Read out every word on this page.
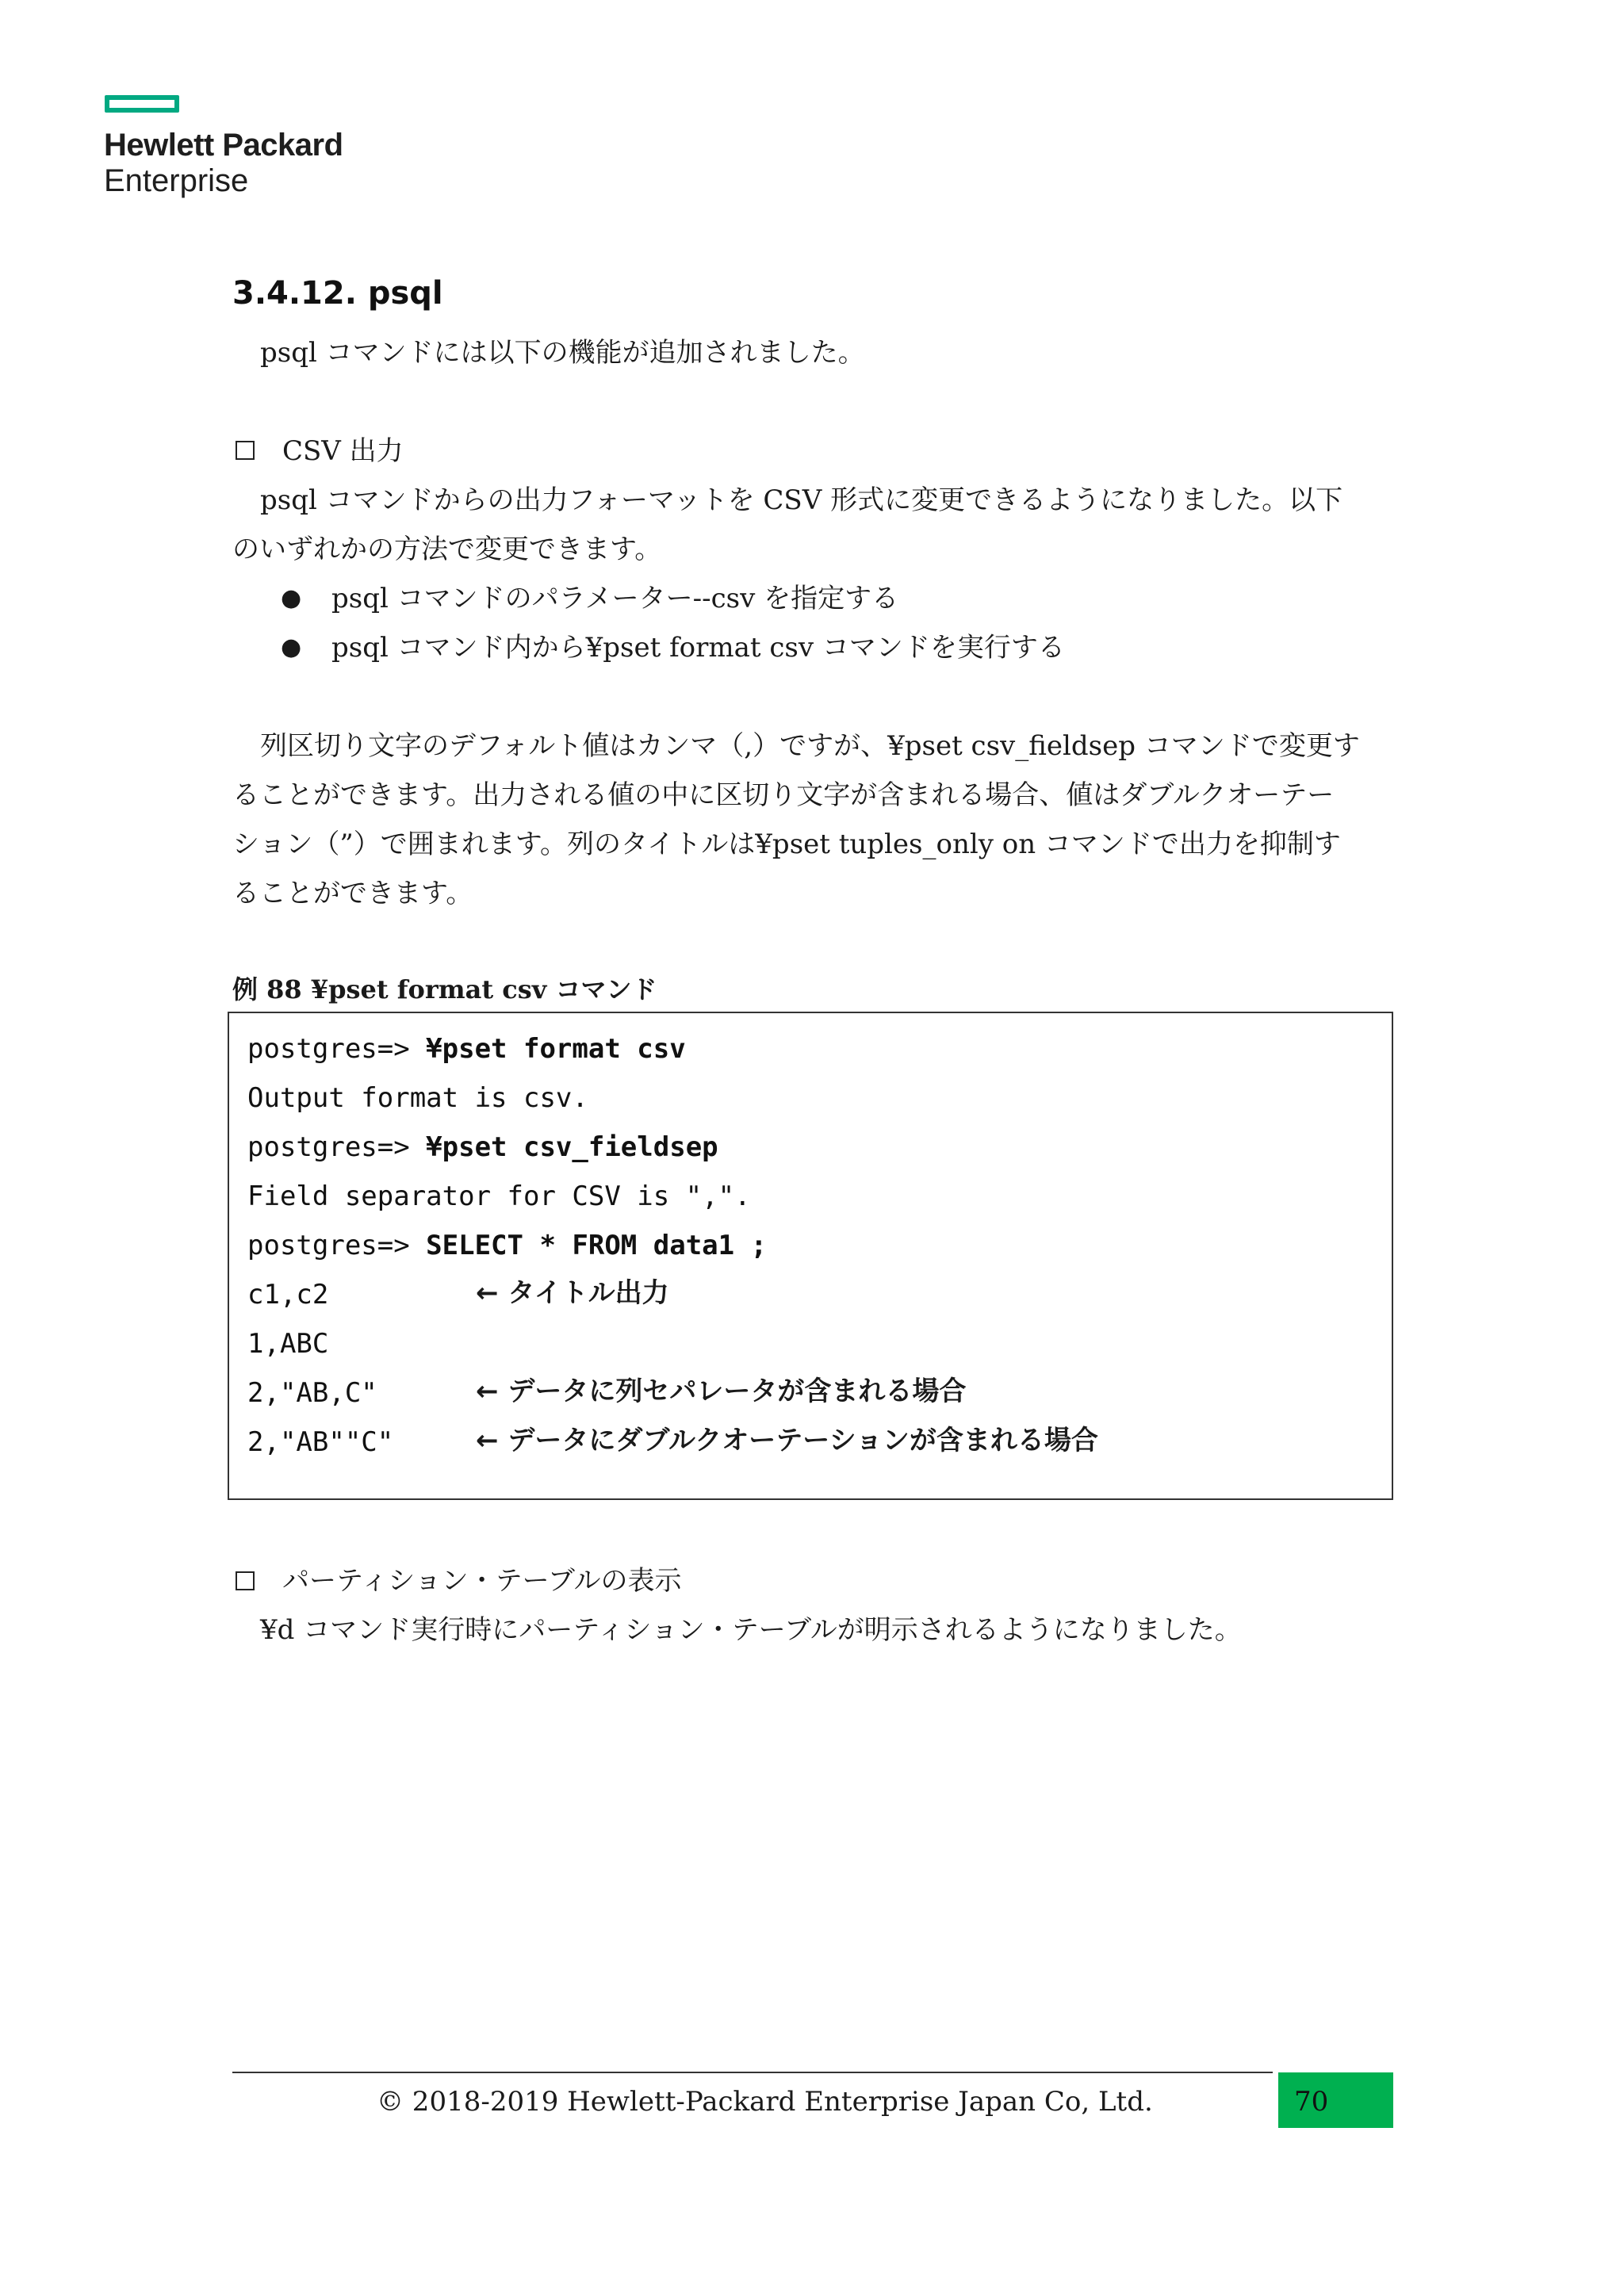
Hewlett Packard
Enterprise
3.4.12. psql
psql コマンドには以下の機能が追加されました。
CSV 出力
psql コマンドからの出力フォーマットを CSV 形式に変更できるようになりました。以下
のいずれかの方法で変更できます。
● psql コマンドのパラメーター--csv を指定する
● psql コマンド内から¥pset format csv コマンドを実行する
列区切り文字のデフォルト値はカンマ（,）ですが、¥pset csv_fieldsep コマンドで変更す
ることができます。出力される値の中に区切り文字が含まれる場合、値はダブルクオーテー
ション（”）で囲まれます。列のタイトルは¥pset tuples_only on コマンドで出力を抑制す
ることができます。
例 88 ¥pset format csv コマンド
postgres=> ¥pset format csv
Output format is csv.
postgres=> ¥pset csv_fieldsep
Field separator for CSV is ",".
postgres=> SELECT * FROM data1 ;
c1,c2	← タイトル出力
1,ABC
2,"AB,C"	← データに列セパレータが含まれる場合
2,"AB""C"	← データにダブルクオーテーションが含まれる場合
パーティション・テーブルの表示
¥d コマンド実行時にパーティション・テーブルが明示されるようになりました。
© 2018-2019 Hewlett-Packard Enterprise Japan Co, Ltd.	70
